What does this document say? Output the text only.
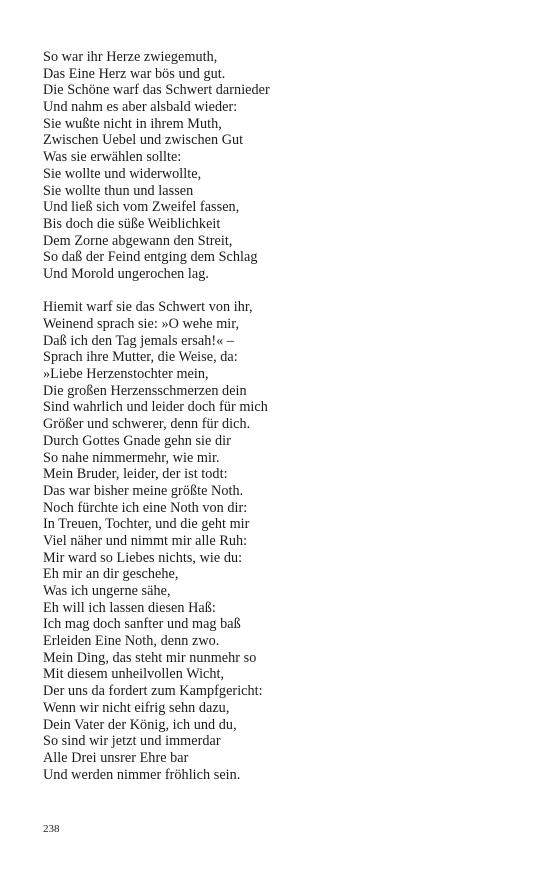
So war ihr Herze zwiegemuth,
Das Eine Herz war bös und gut.
Die Schöne warf das Schwert darnieder
Und nahm es aber alsbald wieder:
Sie wußte nicht in ihrem Muth,
Zwischen Uebel und zwischen Gut
Was sie erwählen sollte:
Sie wollte und widerwollte,
Sie wollte thun und lassen
Und ließ sich vom Zweifel fassen,
Bis doch die süße Weiblichkeit
Dem Zorne abgewann den Streit,
So daß der Feind entging dem Schlag
Und Morold ungerochen lag.
Hiemit warf sie das Schwert von ihr,
Weinend sprach sie: »O wehe mir,
Daß ich den Tag jemals ersah!« –
Sprach ihre Mutter, die Weise, da:
»Liebe Herzenstochter mein,
Die großen Herzensschmerzen dein
Sind wahrlich und leider doch für mich
Größer und schwerer, denn für dich.
Durch Gottes Gnade gehn sie dir
So nahe nimmermehr, wie mir.
Mein Bruder, leider, der ist todt:
Das war bisher meine größte Noth.
Noch fürchte ich eine Noth von dir:
In Treuen, Tochter, und die geht mir
Viel näher und nimmt mir alle Ruh:
Mir ward so Liebes nichts, wie du:
Eh mir an dir geschehe,
Was ich ungerne sähe,
Eh will ich lassen diesen Haß:
Ich mag doch sanfter und mag baß
Erleiden Eine Noth, denn zwo.
Mein Ding, das steht mir nunmehr so
Mit diesem unheilvollen Wicht,
Der uns da fordert zum Kampfgericht:
Wenn wir nicht eifrig sehn dazu,
Dein Vater der König, ich und du,
So sind wir jetzt und immerdar
Alle Drei unsrer Ehre bar
Und werden nimmer fröhlich sein.
238
